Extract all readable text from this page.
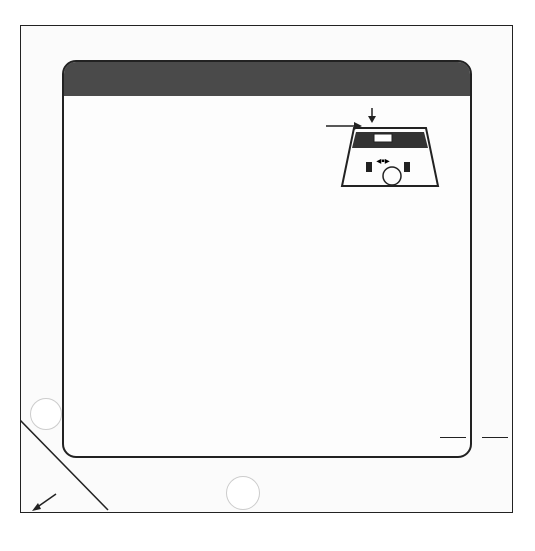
◂▪▸
